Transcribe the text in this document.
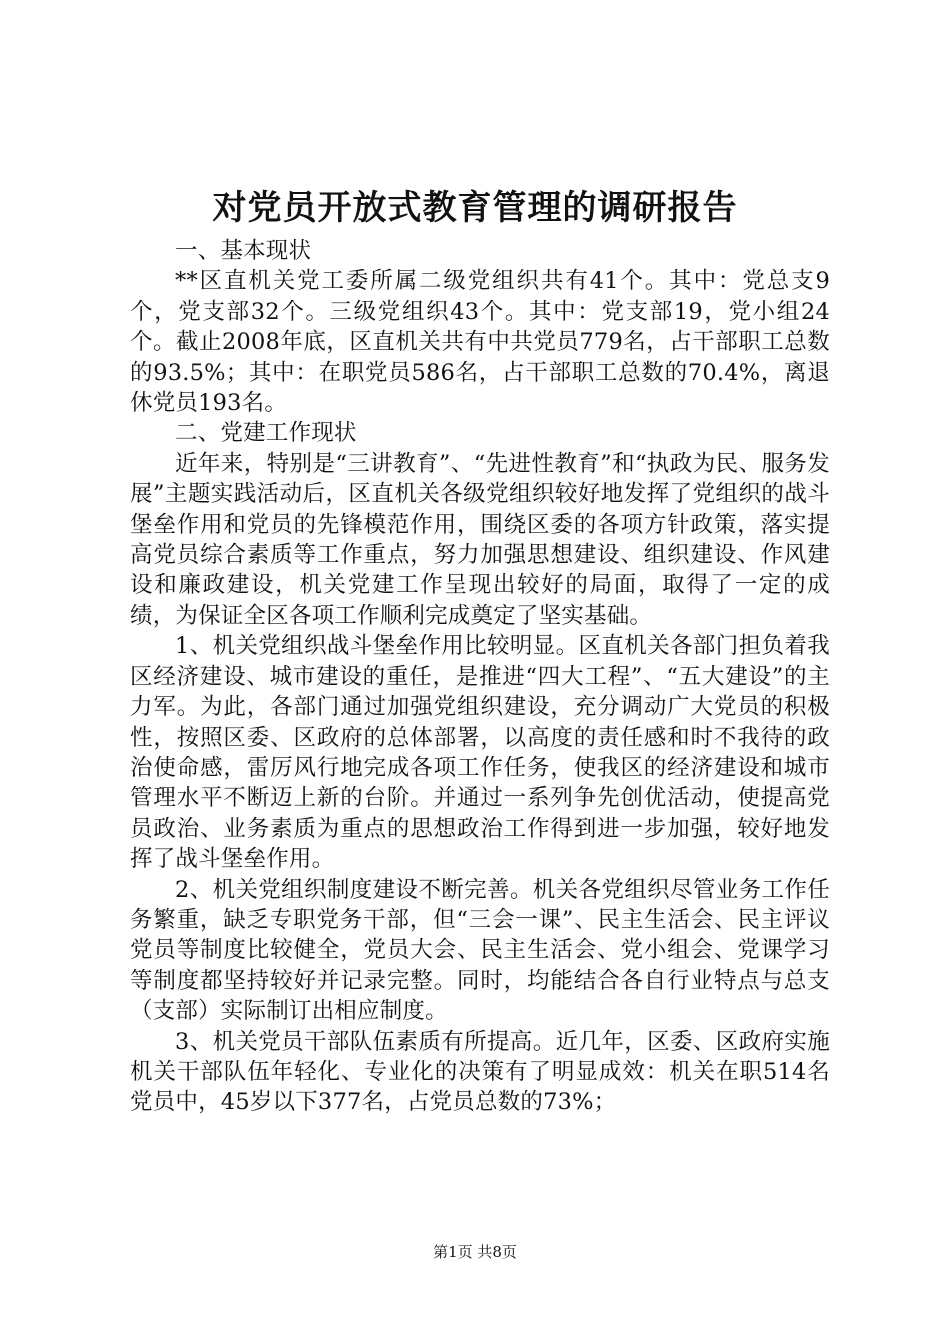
对党员开放式教育管理的调研报告

一、基本现状

**区直机关党工委所属二级党组织共有41个。其中：党总支9个，党支部32个。三级党组织43个。其中：党支部19，党小组24个。截止2008年底，区直机关共有中共党员779名，占干部职工总数的93.5%；其中：在职党员586名，占干部职工总数的70.4%，离退休党员193名。

二、党建工作现状

近年来，特别是“三讲教育”、“先进性教育”和“执政为民、服务发展”主题实践活动后，区直机关各级党组织较好地发挥了党组织的战斗堡垒作用和党员的先锋模范作用，围绕区委的各项方针政策，落实提高党员综合素质等工作重点，努力加强思想建设、组织建设、作风建设和廉政建设，机关党建工作呈现出较好的局面，取得了一定的成绩，为保证全区各项工作顺利完成奠定了坚实基础。

1、机关党组织战斗堡垒作用比较明显。区直机关各部门担负着我区经济建设、城市建设的重任，是推进“四大工程”、“五大建设”的主力军。为此，各部门通过加强党组织建设，充分调动广大党员的积极性，按照区委、区政府的总体部署，以高度的责任感和时不我待的政治使命感，雷厉风行地完成各项工作任务，使我区的经济建设和城市管理水平不断迈上新的台阶。并通过一系列争先创优活动，使提高党员政治、业务素质为重点的思想政治工作得到进一步加强，较好地发挥了战斗堡垒作用。

2、机关党组织制度建设不断完善。机关各党组织尽管业务工作任务繁重，缺乏专职党务干部，但“三会一课”、民主生活会、民主评议党员等制度比较健全，党员大会、民主生活会、党小组会、党课学习等制度都坚持较好并记录完整。同时，均能结合各自行业特点与总支（支部）实际制订出相应制度。

3、机关党员干部队伍素质有所提高。近几年，区委、区政府实施机关干部队伍年轻化、专业化的决策有了明显成效：机关在职514名党员中，45岁以下377名，占党员总数的73%；

第1页 共8页
